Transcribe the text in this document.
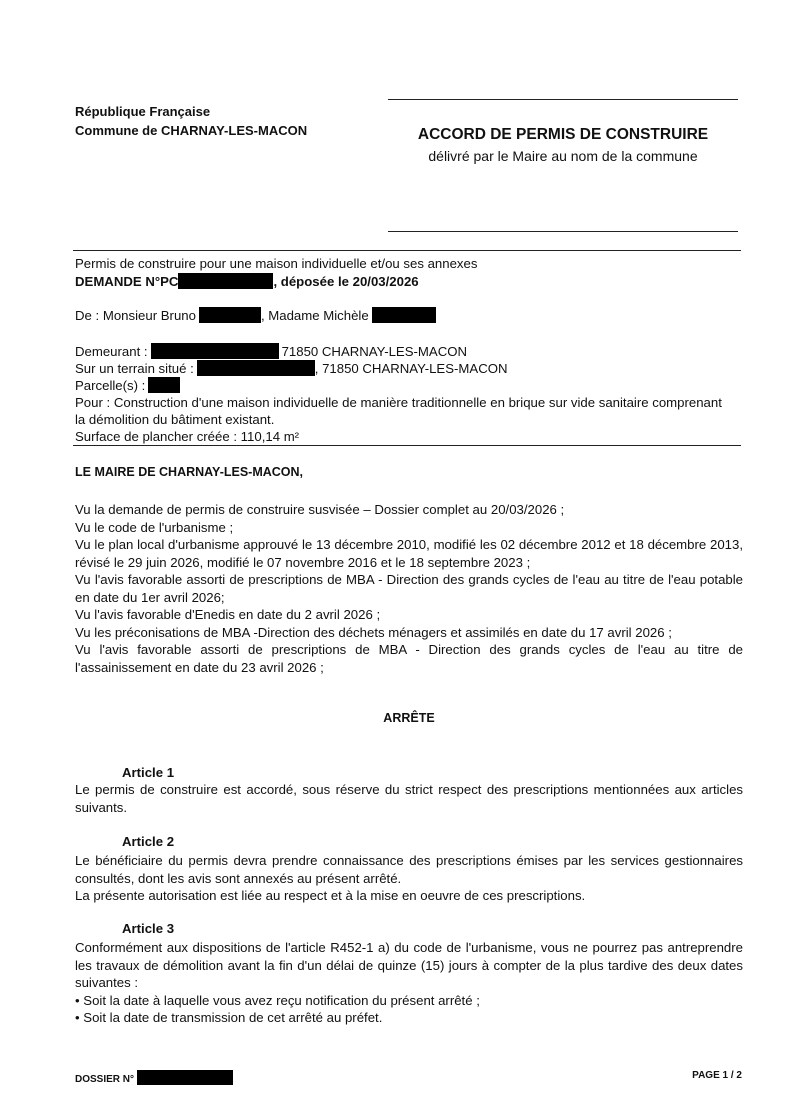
République Française
Commune de CHARNAY-LES-MACON	ACCORD DE PERMIS DE CONSTRUIRE
délivré par le Maire au nom de la commune
Permis de construire pour une maison individuelle et/ou ses annexes
DEMANDE N°PC	, déposée le 20/03/2026
De : Monsieur Bruno	, Madame Michèle
Demeurant :	71850 CHARNAY-LES-MACON
Sur un terrain situé :	, 71850 CHARNAY-LES-MACON
Parcelle(s) :
Pour : Construction d'une maison individuelle de manière traditionnelle en brique sur vide sanitaire comprenant
la démolition du bâtiment existant.
Surface de plancher créée : 110,14 m²
LE MAIRE DE CHARNAY-LES-MACON,
Vu la demande de permis de construire susvisée – Dossier complet au 20/03/2026 ;
Vu le code de l'urbanisme ;
Vu le plan local d'urbanisme approuvé le 13 décembre 2010, modifié les 02 décembre 2012 et 18 décembre 2013, révisé le 29 juin 2026, modifié le 07 novembre 2016 et le 18 septembre 2023 ;
Vu l'avis favorable assorti de prescriptions de MBA - Direction des grands cycles de l'eau au titre de l'eau potable en date du 1er avril 2026;
Vu l'avis favorable d'Enedis en date du 2 avril 2026 ;
Vu les préconisations de MBA -Direction des déchets ménagers et assimilés en date du 17 avril 2026 ;
Vu l'avis favorable assorti de prescriptions de MBA - Direction des grands cycles de l'eau au titre de l'assainissement en date du 23 avril 2026 ;
ARRÊTE
Article 1
Le permis de construire est accordé, sous réserve du strict respect des prescriptions mentionnées aux articles suivants.
Article 2
Le bénéficiaire du permis devra prendre connaissance des prescriptions émises par les services gestionnaires consultés, dont les avis sont annexés au présent arrêté.
La présente autorisation est liée au respect et à la mise en oeuvre de ces prescriptions.
Article 3
Conformément aux dispositions de l'article R452-1 a) du code de l'urbanisme, vous ne pourrez pas antreprendre les travaux de démolition avant la fin d'un délai de quinze (15) jours à compter de la plus tardive des deux dates suivantes :
• Soit la date à laquelle vous avez reçu notification du présent arrêté ;
• Soit la date de transmission de cet arrêté au préfet.
DOSSIER N°	PAGE 1 / 2
